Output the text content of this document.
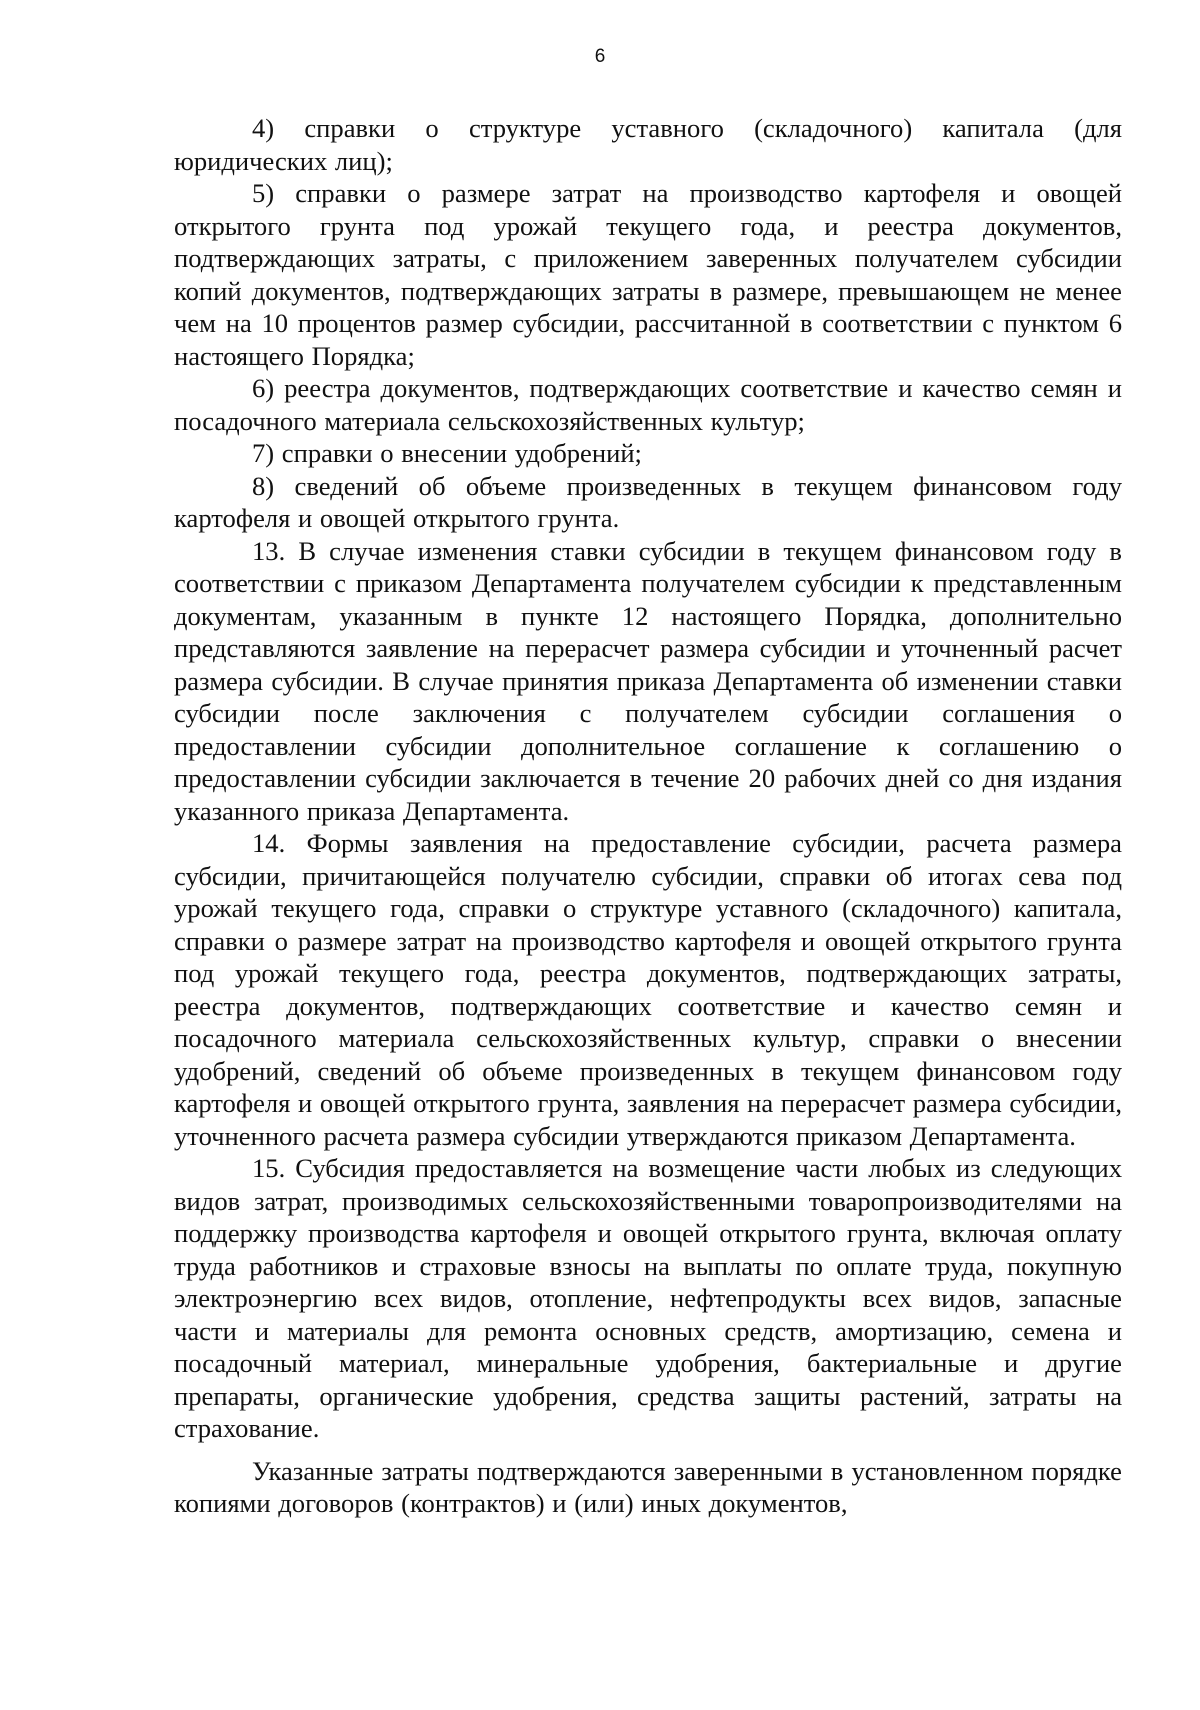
6

4) справки о структуре уставного (складочного) капитала (для юридических лиц);

5) справки о размере затрат на производство картофеля и овощей открытого грунта под урожай текущего года, и реестра документов, подтверждающих затраты, с приложением заверенных получателем субсидии копий документов, подтверждающих затраты в размере, превышающем не менее чем на 10 процентов размер субсидии, рассчитанной в соответствии с пунктом 6 настоящего Порядка;

6) реестра документов, подтверждающих соответствие и качество семян и посадочного материала сельскохозяйственных культур;

7) справки о внесении удобрений;

8) сведений об объеме произведенных в текущем финансовом году картофеля и овощей открытого грунта.

13. В случае изменения ставки субсидии в текущем финансовом году в соответствии с приказом Департамента получателем субсидии к представленным документам, указанным в пункте 12 настоящего Порядка, дополнительно представляются заявление на перерасчет размера субсидии и уточненный расчет размера субсидии. В случае принятия приказа Департамента об изменении ставки субсидии после заключения с получателем субсидии соглашения о предоставлении субсидии дополнительное соглашение к соглашению о предоставлении субсидии заключается в течение 20 рабочих дней со дня издания указанного приказа Департамента.

14. Формы заявления на предоставление субсидии, расчета размера субсидии, причитающейся получателю субсидии, справки об итогах сева под урожай текущего года, справки о структуре уставного (складочного) капитала, справки о размере затрат на производство картофеля и овощей открытого грунта под урожай текущего года, реестра документов, подтверждающих затраты, реестра документов, подтверждающих соответствие и качество семян и посадочного материала сельскохозяйственных культур, справки о внесении удобрений, сведений об объеме произведенных в текущем финансовом году картофеля и овощей открытого грунта, заявления на перерасчет размера субсидии, уточненного расчета размера субсидии утверждаются приказом Департамента.

15. Субсидия предоставляется на возмещение части любых из следующих видов затрат, производимых сельскохозяйственными товаропроизводителями на поддержку производства картофеля и овощей открытого грунта, включая оплату труда работников и страховые взносы на выплаты по оплате труда, покупную электроэнергию всех видов, отопление, нефтепродукты всех видов, запасные части и материалы для ремонта основных средств, амортизацию, семена и посадочный материал, минеральные удобрения, бактериальные и другие препараты, органические удобрения, средства защиты растений, затраты на страхование.

Указанные затраты подтверждаются заверенными в установленном порядке копиями договоров (контрактов) и (или) иных документов,
